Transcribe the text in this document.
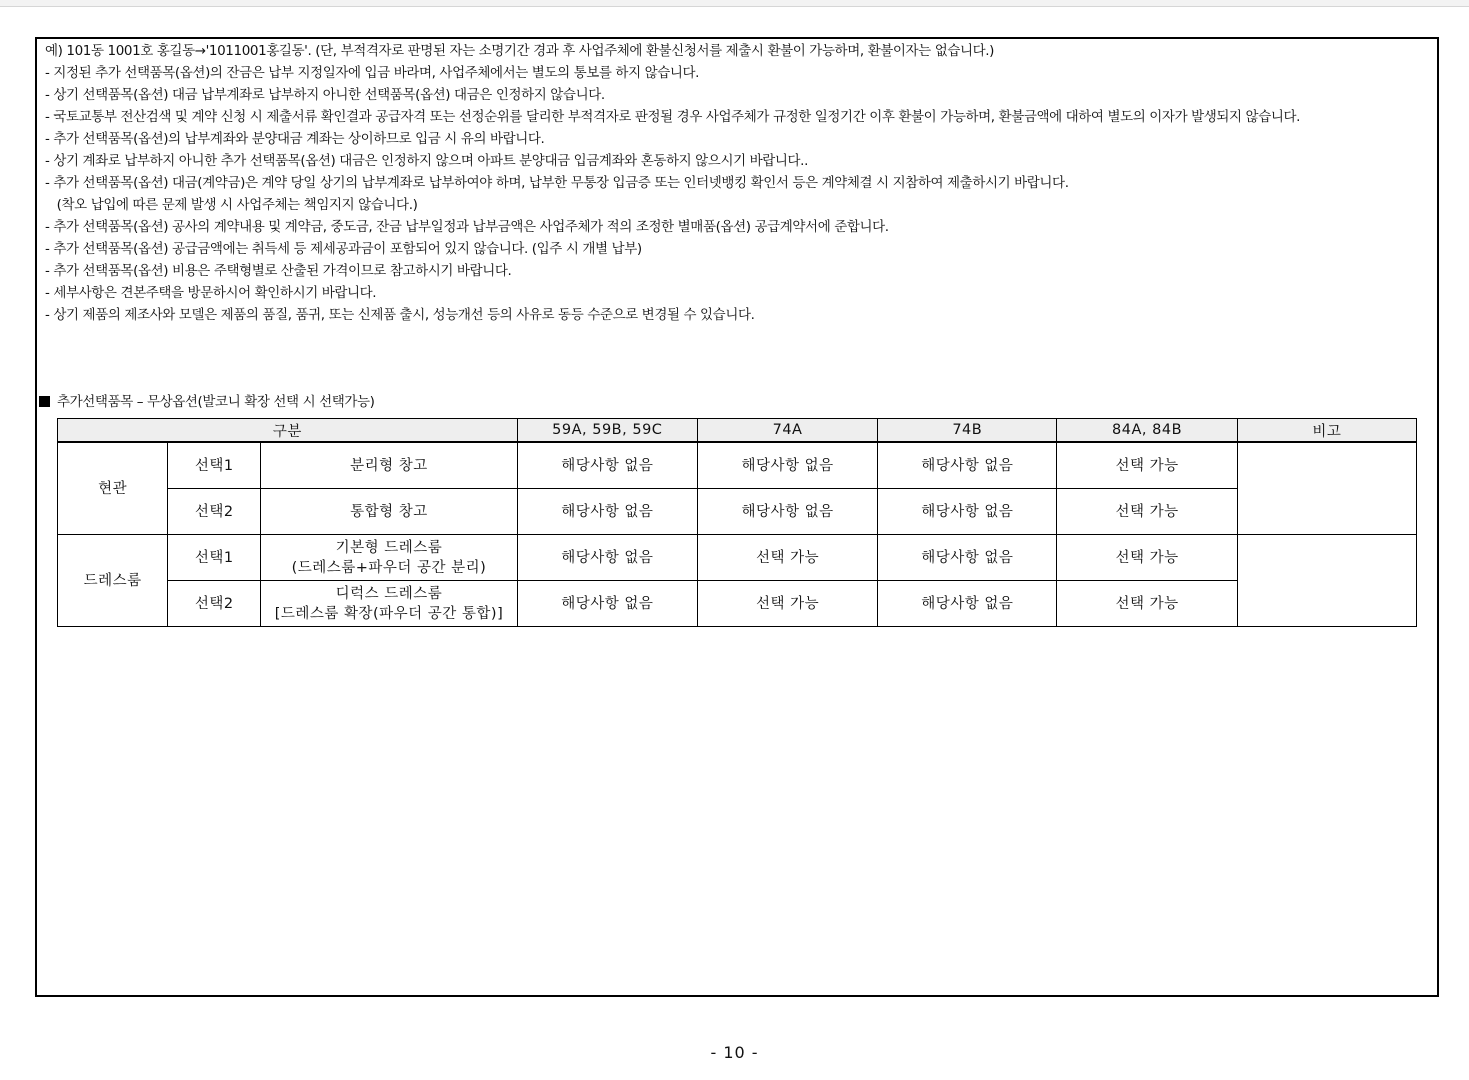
예) 101동 1001호 홍길동→'1011001홍길동'. (단, 부적격자로 판명된 자는 소명기간 경과 후 사업주체에 환불신청서를 제출시 환불이 가능하며, 환불이자는 없습니다.)
- 지정된 추가 선택품목(옵션)의 잔금은 납부 지정일자에 입금 바라며, 사업주체에서는 별도의 통보를 하지 않습니다.
- 상기 선택품목(옵션) 대금 납부계좌로 납부하지 아니한 선택품목(옵션) 대금은 인정하지 않습니다.
- 국토교통부 전산검색 및 계약 신청 시 제출서류 확인결과 공급자격 또는 선정순위를 달리한 부적격자로 판정될 경우 사업주체가 규정한 일정기간 이후 환불이 가능하며, 환불금액에 대하여 별도의 이자가 발생되지 않습니다.
- 추가 선택품목(옵션)의 납부계좌와 분양대금 계좌는 상이하므로 입금 시 유의 바랍니다.
- 상기 계좌로 납부하지 아니한 추가 선택품목(옵션) 대금은 인정하지 않으며 아파트 분양대금 입금계좌와 혼동하지 않으시기 바랍니다..
- 추가 선택품목(옵션) 대금(계약금)은 계약 당일 상기의 납부계좌로 납부하여야 하며, 납부한 무통장 입금증 또는 인터넷뱅킹 확인서 등은 계약체결 시 지참하여 제출하시기 바랍니다.
(착오 납입에 따른 문제 발생 시 사업주체는 책임지지 않습니다.)
- 추가 선택품목(옵션) 공사의 계약내용 및 계약금, 중도금, 잔금 납부일정과 납부금액은 사업주체가 적의 조정한 별매품(옵션) 공급계약서에 준합니다.
- 추가 선택품목(옵션) 공급금액에는 취득세 등 제세공과금이 포함되어 있지 않습니다. (입주 시 개별 납부)
- 추가 선택품목(옵션) 비용은 주택형별로 산출된 가격이므로 참고하시기 바랍니다.
- 세부사항은 견본주택을 방문하시어 확인하시기 바랍니다.
- 상기 제품의 제조사와 모델은 제품의 품질, 품귀, 또는 신제품 출시, 성능개선 등의 사유로 동등 수준으로 변경될 수 있습니다.
추가선택품목 – 무상옵션(발코니 확장 선택 시 선택가능)
구분			59A, 59B, 59C	74A	74B	84A, 84B	비고
현관	선택1	분리형 창고	해당사항 없음	해당사항 없음	해당사항 없음	선택 가능	
	선택2	통합형 창고	해당사항 없음	해당사항 없음	해당사항 없음	선택 가능	
드레스룸	선택1	기본형 드레스룸
(드레스룸+파우더 공간 분리)	해당사항 없음	선택 가능	해당사항 없음	선택 가능	
	선택2	디럭스 드레스룸
[드레스룸 확장(파우더 공간 통합)]	해당사항 없음	선택 가능	해당사항 없음	선택 가능	
- 10 -
